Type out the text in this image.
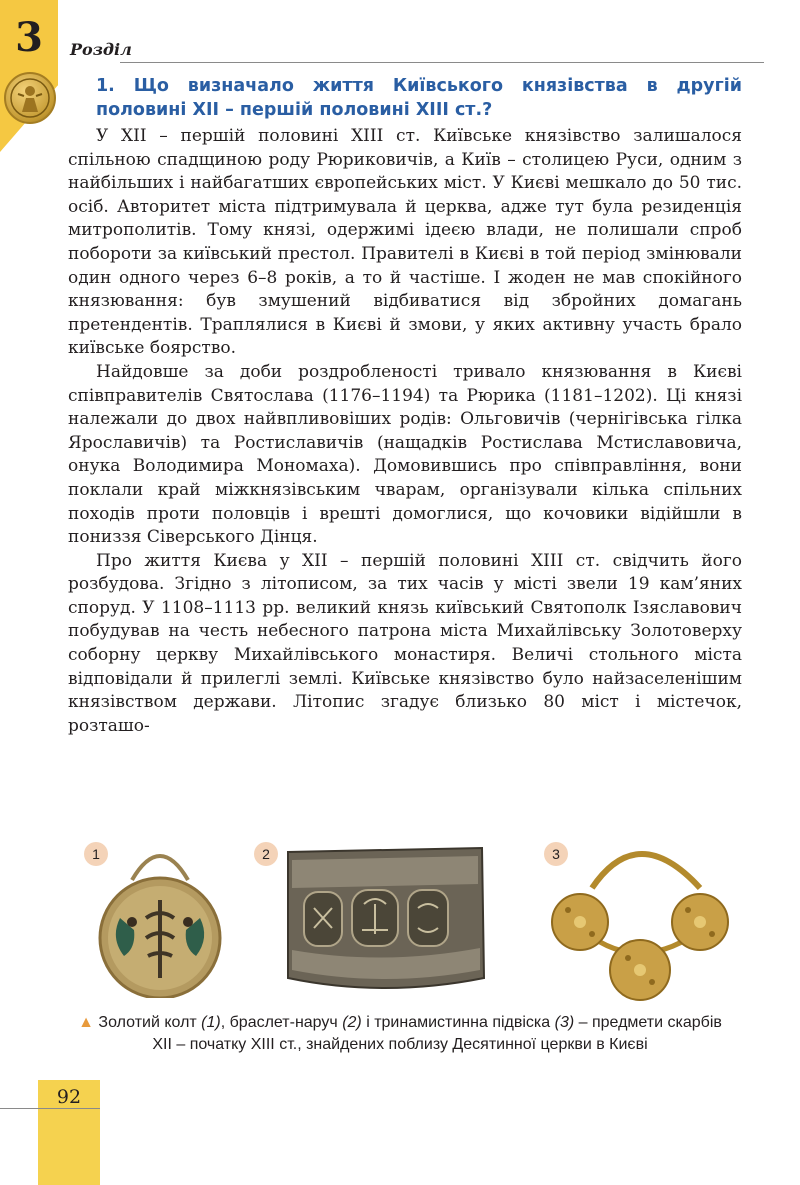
3	Розділ
1. Що визначало життя Київського князівства в другій половині XII – першій половині XIII ст.?

У XII – першій половині XIII ст. Київське князівство залишалося спільною спадщиною роду Рюриковичів, а Київ – столицею Руси, одним з найбільших і найбагатших європейських міст. У Києві мешкало до 50 тис. осіб. Авторитет міста підтримувала й церква, адже тут була резиденція митрополитів. Тому князі, одержимі ідеєю влади, не полишали спроб побороти за київський престол. Правителі в Києві в той період змінювали один одного через 6–8 років, а то й частіше. І жоден не мав спокійного князювання: був змушений відбиватися від збройних домагань претендентів. Траплялися в Києві й змови, у яких активну участь брало київське боярство.

Найдовше за доби роздробленості тривало князювання в Києві співправителів Святослава (1176–1194) та Рюрика (1181–1202). Ці князі належали до двох найвпливовіших родів: Ольговичів (чернігівська гілка Ярославичів) та Ростиславичів (нащадків Ростислава Мстиславовича, онука Володимира Мономаха). Домовившись про співправління, вони поклали край міжкнязівським чварам, організували кілька спільних походів проти половців і врешті домоглися, що кочовики відійшли в пониззя Сіверського Дінця.

Про життя Києва у XII – першій половині XIII ст. свідчить його розбудова. Згідно з літописом, за тих часів у місті звели 19 кам’яних споруд. У 1108–1113 рр. великий князь київський Святополк Ізяславович побудував на честь небесного патрона міста Михайлівську Золотоверху соборну церкву Михайлівського монастиря. Величі стольного міста відповідали й прилеглі землі. Київське князівство було найзаселенішим князівством держави. Літопис згадує близько 80 міст і містечок, розташо-

1	2	3
▲ Золотий колт (1), браслет-наруч (2) і тринамистинна підвіска (3) – предмети скарбів XII – початку XIII ст., знайдених поблизу Десятинної церкви в Києві
92
